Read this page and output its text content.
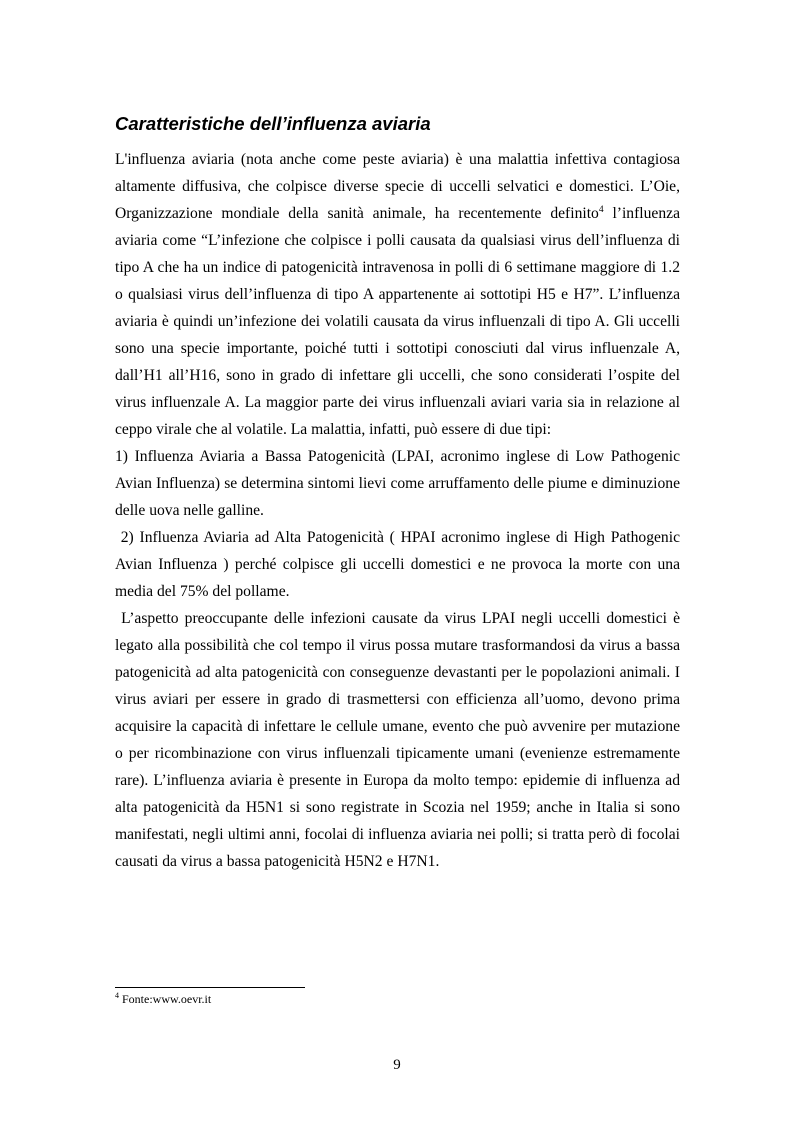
Caratteristiche dell’influenza aviaria

L'influenza aviaria (nota anche come peste aviaria) è una malattia infettiva contagiosa altamente diffusiva, che colpisce diverse specie di uccelli selvatici e domestici. L’Oie, Organizzazione mondiale della sanità animale, ha recentemente definito$^4$ l’influenza aviaria come “L’infezione che colpisce i polli causata da qualsiasi virus dell’influenza di tipo A che ha un indice di patogenicità intravenosa in polli di 6 settimane maggiore di 1.2 o qualsiasi virus dell’influenza di tipo A appartenente ai sottotipi H5 e H7”. L’influenza aviaria è quindi un’infezione dei volatili causata da virus influenzali di tipo A. Gli uccelli sono una specie importante, poiché tutti i sottotipi conosciuti dal virus influenzale A, dall’H1 all’H16, sono in grado di infettare gli uccelli, che sono considerati l’ospite del virus influenzale A. La maggior parte dei virus influenzali aviari varia sia in relazione al ceppo virale che al volatile. La malattia, infatti, può essere di due tipi:

1) Influenza Aviaria a Bassa Patogenicità (LPAI, acronimo inglese di Low Pathogenic Avian Influenza) se determina sintomi lievi come arruffamento delle piume e diminuzione delle uova nelle galline.

2) Influenza Aviaria ad Alta Patogenicità ( HPAI acronimo inglese di High Pathogenic Avian Influenza ) perché colpisce gli uccelli domestici e ne provoca la morte con una media del 75% del pollame.

L’aspetto preoccupante delle infezioni causate da virus LPAI negli uccelli domestici è legato alla possibilità che col tempo il virus possa mutare trasformandosi da virus a bassa patogenicità ad alta patogenicità con conseguenze devastanti per le popolazioni animali. I virus aviari per essere in grado di trasmettersi con efficienza all’uomo, devono prima acquisire la capacità di infettare le cellule umane, evento che può avvenire per mutazione o per ricombinazione con virus influenzali tipicamente umani (evenienze estremamente rare). L’influenza aviaria è presente in Europa da molto tempo: epidemie di influenza ad alta patogenicità da H5N1 si sono registrate in Scozia nel 1959; anche in Italia si sono manifestati, negli ultimi anni, focolai di influenza aviaria nei polli; si tratta però di focolai causati da virus a bassa patogenicità H5N2 e H7N1.

$^4$ Fonte:www.oevr.it

9
